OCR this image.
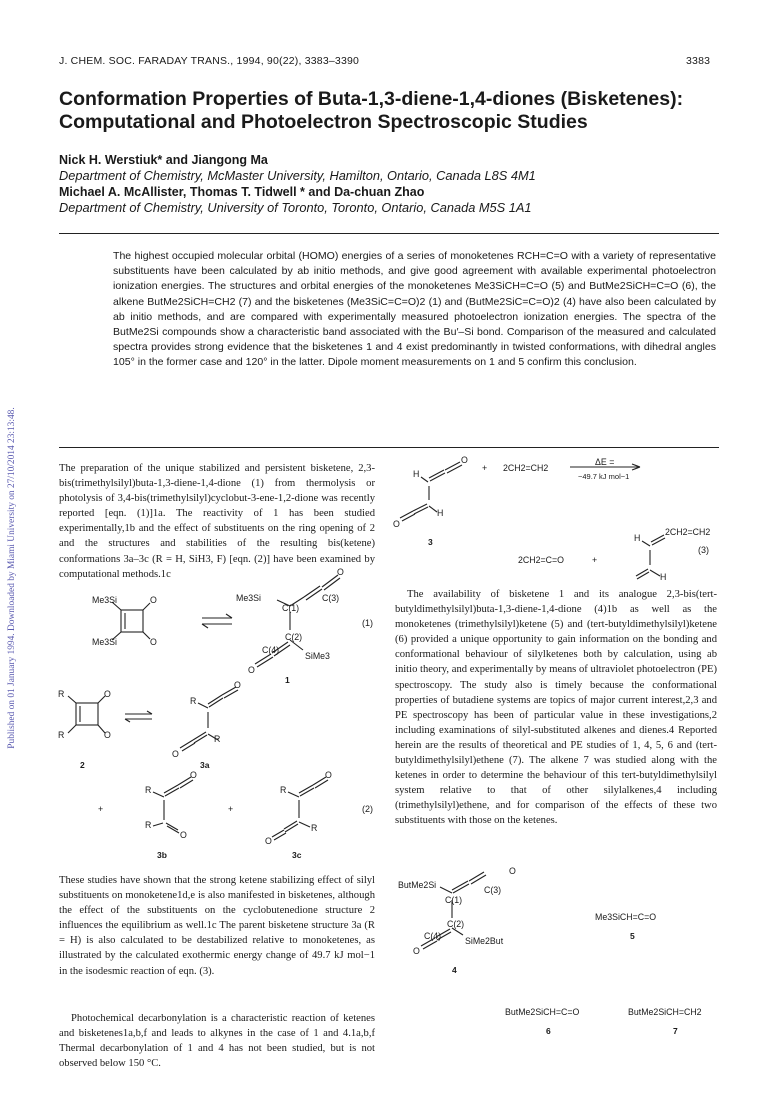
Published on 01 January 1994. Downloaded by Miami University on 27/10/2014 23:13:48.
J. CHEM. SOC. FARADAY TRANS., 1994, 90(22), 3383–3390	3383
Conformation Properties of Buta-1,3-diene-1,4-diones (Bisketenes): Computational and Photoelectron Spectroscopic Studies
Nick H. Werstiuk* and Jiangong Ma
Department of Chemistry, McMaster University, Hamilton, Ontario, Canada L8S 4M1
Michael A. McAllister, Thomas T. Tidwell * and Da-chuan Zhao
Department of Chemistry, University of Toronto, Toronto, Ontario, Canada M5S 1A1
The highest occupied molecular orbital (HOMO) energies of a series of monoketenes RCH=C=O with a variety of representative substituents have been calculated by ab initio methods, and give good agreement with available experimental photoelectron ionization energies. The structures and orbital energies of the monoketenes Me3SiCH=C=O (5) and ButMe2SiCH=C=O (6), the alkene ButMe2SiCH=CH2 (7) and the bisketenes (Me3SiC=C=O)2 (1) and (ButMe2SiC=C=O)2 (4) have also been calculated by ab initio methods, and are compared with experimentally measured photoelectron ionization energies. The spectra of the ButMe2Si compounds show a characteristic band associated with the Bu′–Si bond. Comparison of the measured and calculated spectra provides strong evidence that the bisketenes 1 and 4 exist predominantly in twisted conformations, with dihedral angles 105° in the former case and 120° in the latter. Dipole moment measurements on 1 and 5 confirm this conclusion.
The preparation of the unique stabilized and persistent bisketene, 2,3-bis(trimethylsilyl)buta-1,3-diene-1,4-dione (1) from thermolysis or photolysis of 3,4-bis(trimethylsilyl)cyclobut-3-ene-1,2-dione was recently reported [eqn. (1)]1a. The reactivity of 1 has been studied experimentally,1b and the effect of substituents on the ring opening of 2 and the structures and stabilities of the resulting bis(ketene) conformations 3a–3c (R = H, SiH3, F) [eqn. (2)] have been examined by computational methods.1c
Me3Si	O
Me3Si	O
Me3Si	C(3)
C(1)
O
C(2)
SiMe3
C(4)
O
(1)
1
R	O
R	O
2
R
O
R
O
3a
+
R
O
R
O
3b
+
R
O
R
O
3c
(2)
These studies have shown that the strong ketene stabilizing effect of silyl substituents on monoketene1d,e is also manifested in bisketenes, although the effect of the substituents on the cyclobutenedione structure 2 influences the equilibrium as well.1c The parent bisketene structure 3a (R = H) is also calculated to be destabilized relative to monoketenes, as illustrated by the calculated exothermic energy change of 49.7 kJ mol−1 in the isodesmic reaction of eqn. (3).
Photochemical decarbonylation is a characteristic reaction of ketenes and bisketenes1a,b,f and leads to alkynes in the case of 1 and 4.1a,b,f Thermal decarbonylation of 1 and 4 has not been studied, but is not observed below 150 °C.
H
O
H
O
3
+ 2CH2=CH2
ΔE =
−49.7 kJ mol−1
H
2CH2=CH2
2CH2=C=O	+
H
(3)
The availability of bisketene 1 and its analogue 2,3-bis(tert-butyldimethylsilyl)buta-1,3-diene-1,4-dione (4)1b as well as the monoketenes (trimethylsilyl)ketene (5) and (tert-butyldimethylsilyl)ketene (6) provided a unique opportunity to gain information on the bonding and conformational behaviour of silylketenes both by calculation, using ab initio theory, and experimentally by means of ultraviolet photoelectron (PE) spectroscopy. The study also is timely because the conformational properties of butadiene systems are topics of major current interest,2,3 and PE spectroscopy has been of particular value in these investigations,2 including examinations of silyl-substituted alkenes and dienes.4 Reported herein are the results of theoretical and PE studies of 1, 4, 5, 6 and (tert-butyldimethylsilyl)ethene (7). The alkene 7 was studied along with the ketenes in order to determine the behaviour of this tert-butyldimethylsilyl system relative to that of other silylalkenes,4 including (trimethylsilyl)ethene, and for comparison of the effects of these two substituents with those on the ketenes.
ButMe2Si	C(3)
C(1)
O
C(2)
SiMe2But
C(4)
O
4
Me3SiCH=C=O
5
ButMe2SiCH=C=O
6
ButMe2SiCH=CH2
7
